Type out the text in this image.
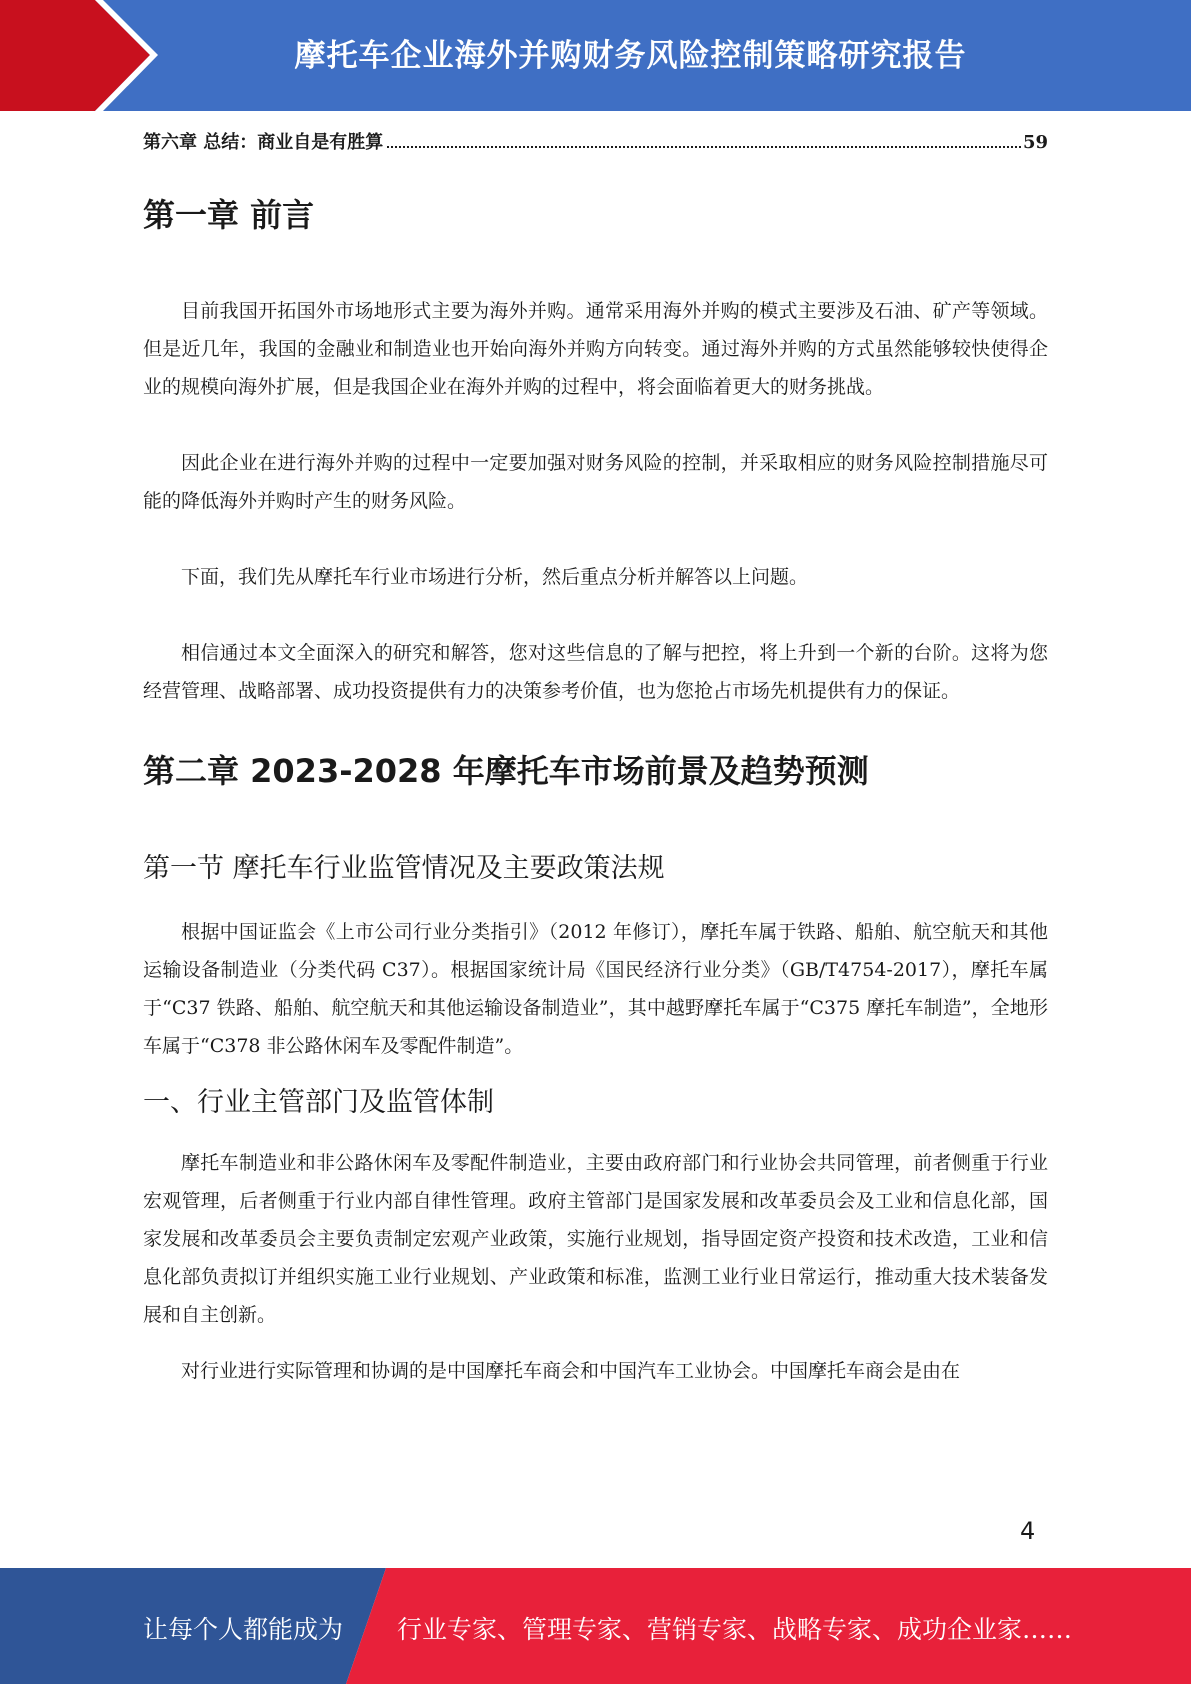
摩托车企业海外并购财务风险控制策略研究报告
第六章 总结：商业自是有胜算	59
第一章 前言

目前我国开拓国外市场地形式主要为海外并购。通常采用海外并购的模式主要涉及石油、矿产等领域。但是近几年，我国的金融业和制造业也开始向海外并购方向转变。通过海外并购的方式虽然能够较快使得企业的规模向海外扩展，但是我国企业在海外并购的过程中，将会面临着更大的财务挑战。

因此企业在进行海外并购的过程中一定要加强对财务风险的控制，并采取相应的财务风险控制措施尽可能的降低海外并购时产生的财务风险。

下面，我们先从摩托车行业市场进行分析，然后重点分析并解答以上问题。

相信通过本文全面深入的研究和解答，您对这些信息的了解与把控，将上升到一个新的台阶。这将为您经营管理、战略部署、成功投资提供有力的决策参考价值，也为您抢占市场先机提供有力的保证。

第二章 2023-2028 年摩托车市场前景及趋势预测
第一节 摩托车行业监管情况及主要政策法规

根据中国证监会《上市公司行业分类指引》（2012 年修订），摩托车属于铁路、船舶、航空航天和其他运输设备制造业（分类代码 C37）。根据国家统计局《国民经济行业分类》（GB/T4754-2017），摩托车属于“C37 铁路、船舶、航空航天和其他运输设备制造业”，其中越野摩托车属于“C375 摩托车制造”，全地形车属于“C378 非公路休闲车及零配件制造”。

一、行业主管部门及监管体制

摩托车制造业和非公路休闲车及零配件制造业，主要由政府部门和行业协会共同管理，前者侧重于行业宏观管理，后者侧重于行业内部自律性管理。政府主管部门是国家发展和改革委员会及工业和信息化部，国家发展和改革委员会主要负责制定宏观产业政策，实施行业规划，指导固定资产投资和技术改造，工业和信息化部负责拟订并组织实施工业行业规划、产业政策和标准，监测工业行业日常运行，推动重大技术装备发展和自主创新。

对行业进行实际管理和协调的是中国摩托车商会和中国汽车工业协会。中国摩托车商会是由在

4
让每个人都能成为 行业专家、管理专家、营销专家、战略专家、成功企业家……
